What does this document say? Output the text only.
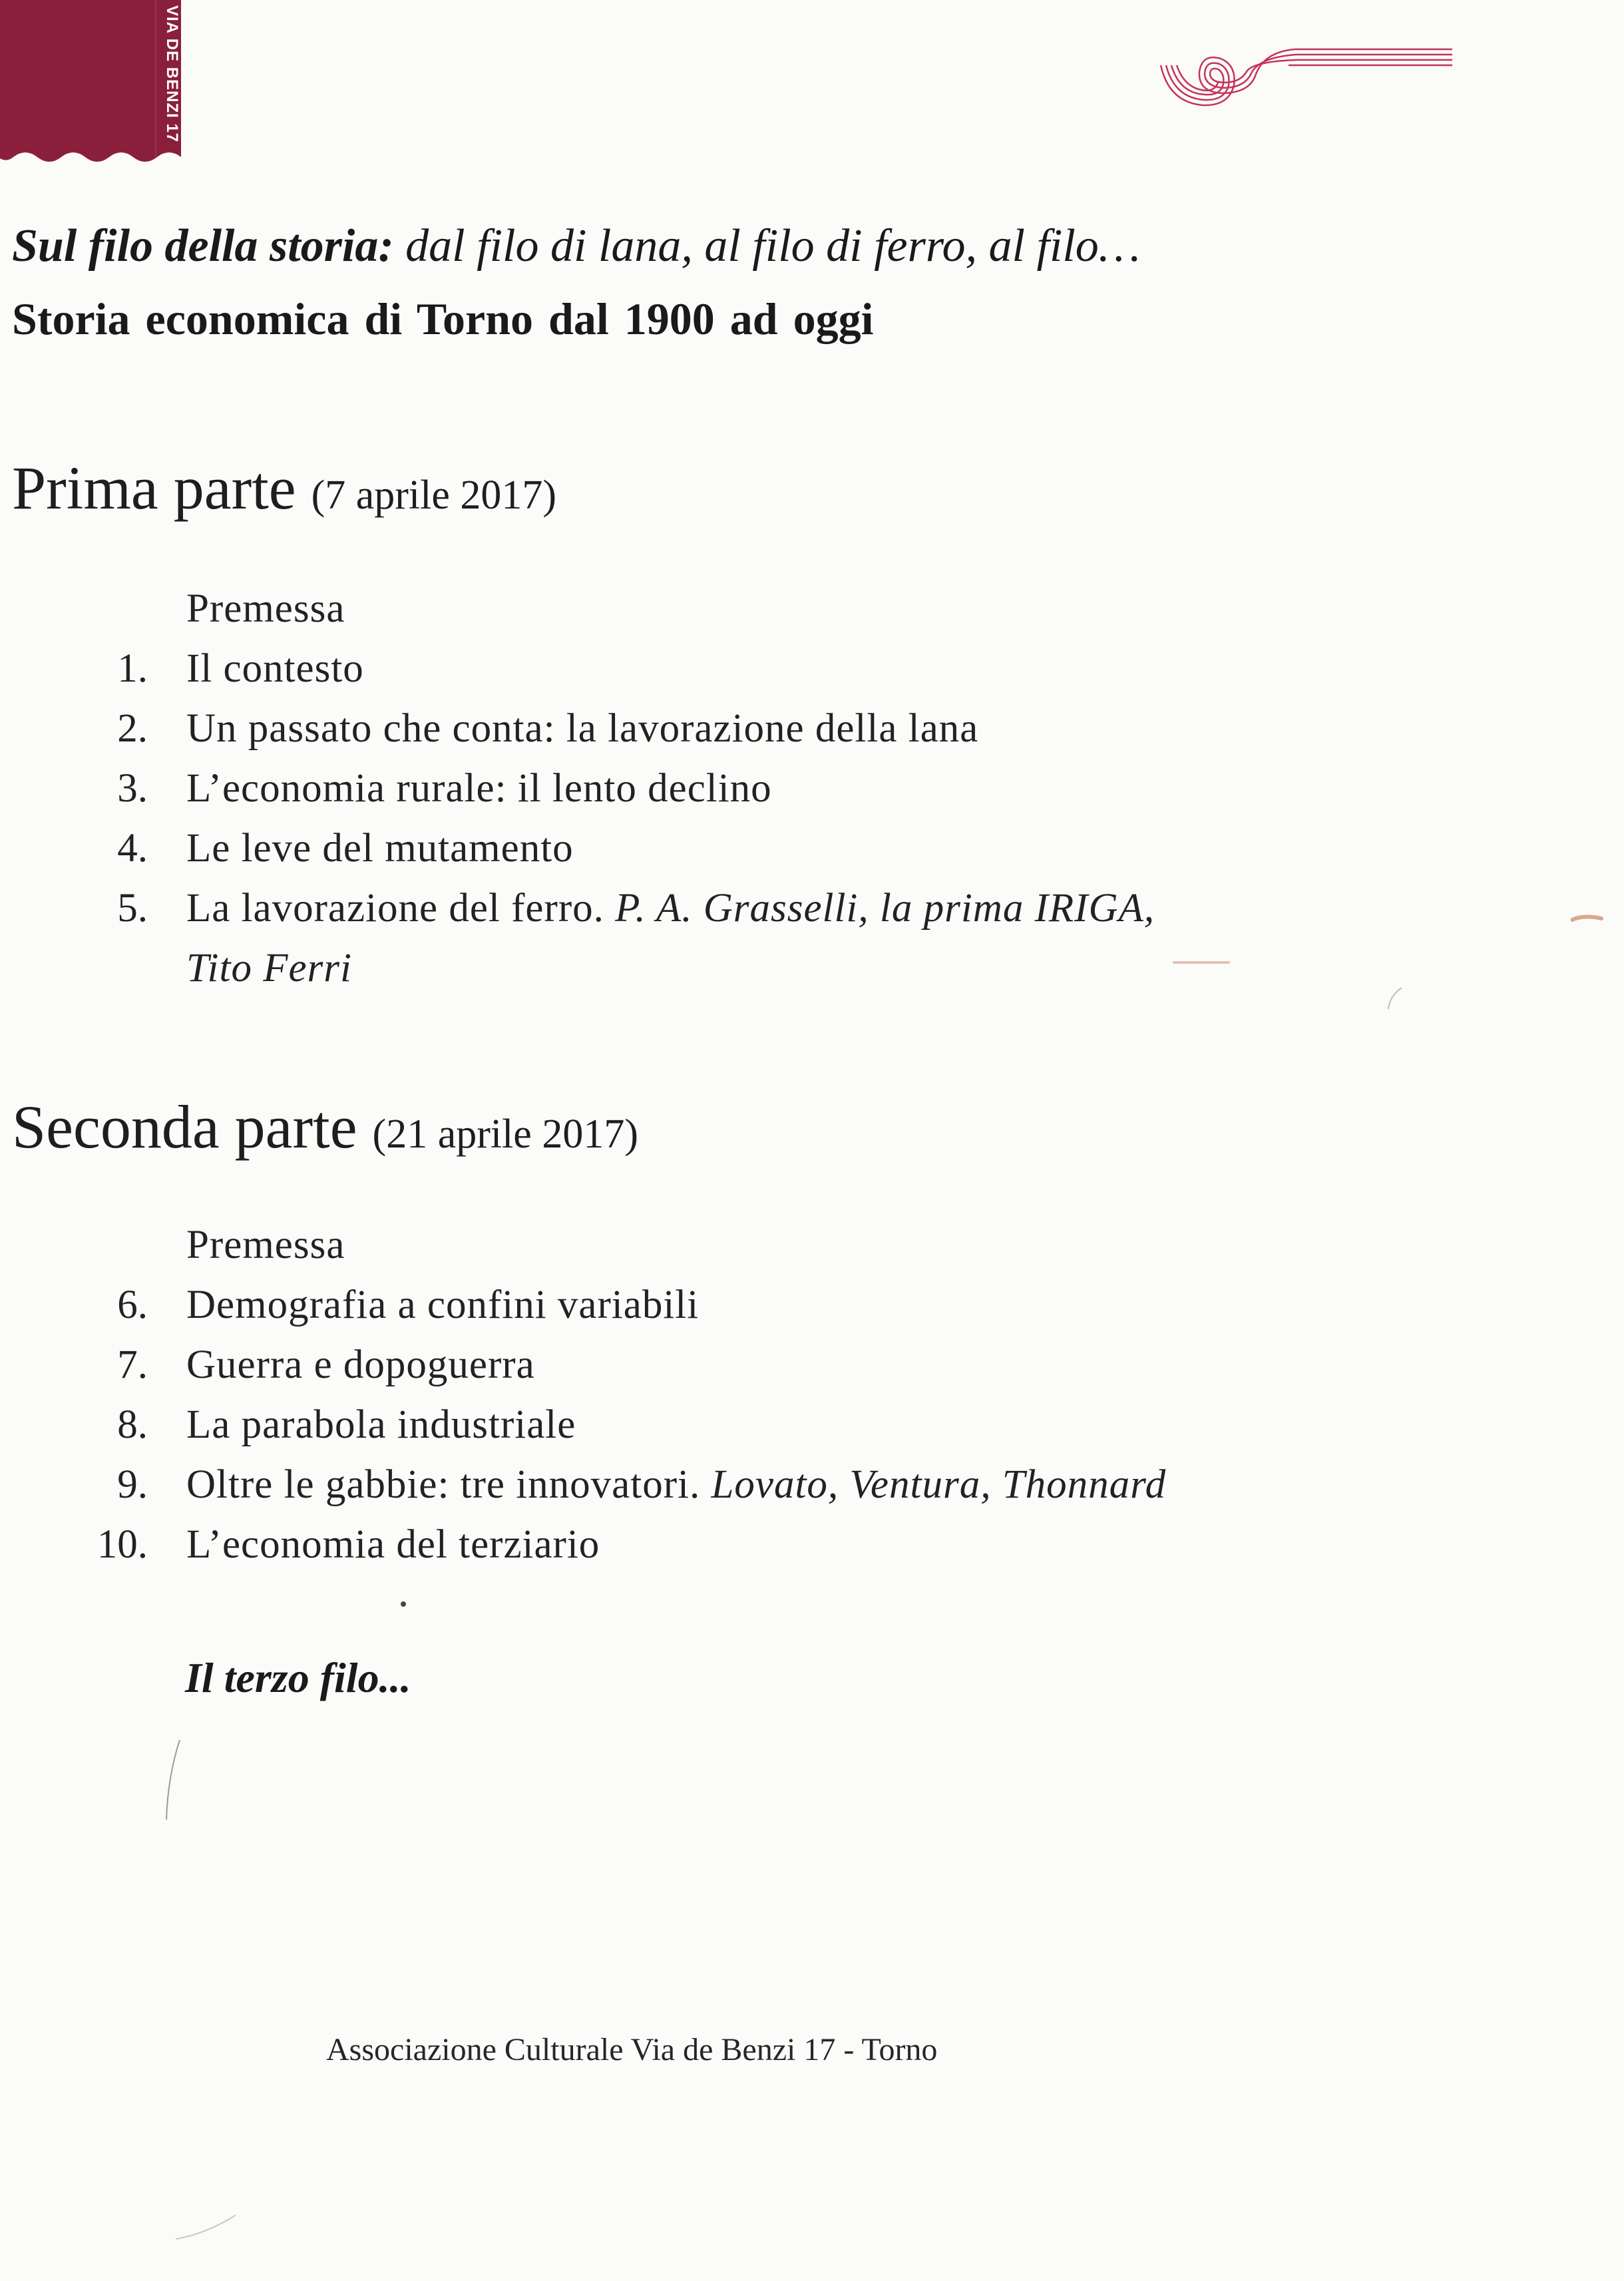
VIA DE BENZI 17
Sul filo della storia: dal filo di lana, al filo di ferro, al filo…
Storia economica di Torno dal 1900 ad oggi
Prima parte (7 aprile 2017)
Premessa
1. Il contesto
2. Un passato che conta: la lavorazione della lana
3. L’economia rurale: il lento declino
4. Le leve del mutamento
5. La lavorazione del ferro. P. A. Grasselli, la prima IRIGA,
Tito Ferri
Seconda parte (21 aprile 2017)
Premessa
6. Demografia a confini variabili
7. Guerra e dopoguerra
8. La parabola industriale
9. Oltre le gabbie: tre innovatori. Lovato, Ventura, Thonnard
10. L’economia del terziario
Il terzo filo...
Associazione Culturale Via de Benzi 17 - Torno
